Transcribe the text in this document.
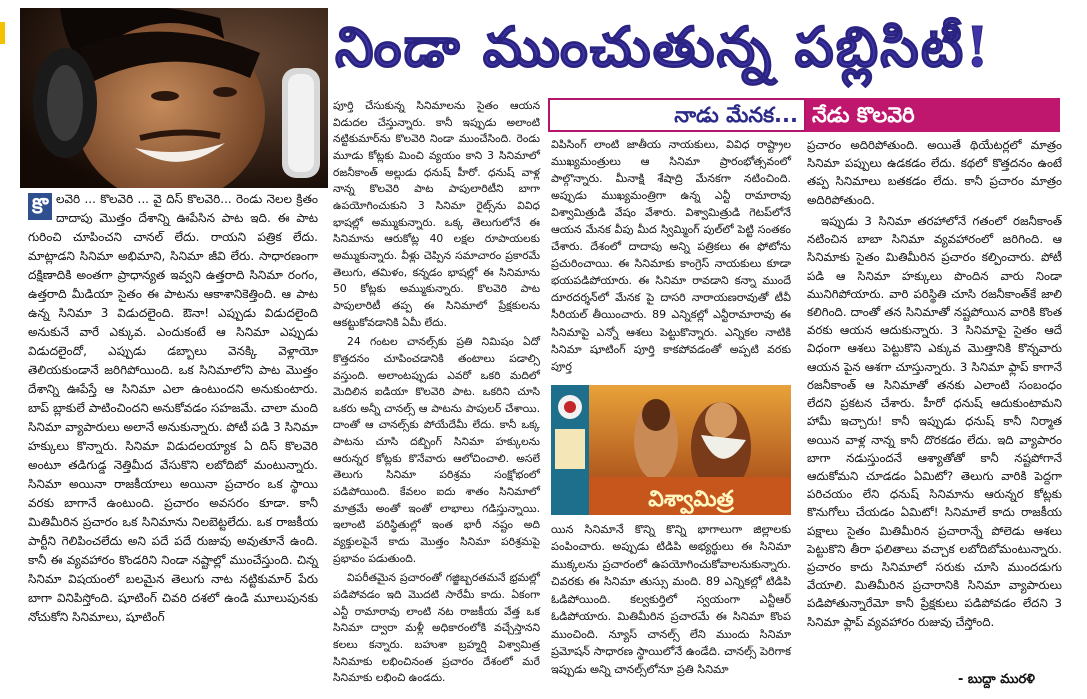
నిండా ముంచుతున్న పబ్లిసిటీ!
కొ లవెరి ... కొలవెరి ... వై దిస్ కొలవెరి... రెండు నెలల క్రితం దాదాపు మొత్తం దేశాన్ని ఊపేసిన పాట ఇది. ఈ పాట గురించి చూపించని చానల్ లేదు. రాయని పత్రిక లేదు. మాట్లాడని సినిమా అభిమాని, సినిమా జీవి లేరు. సాధారణంగా దక్షిణాదికి అంతగా ప్రాధాన్యత ఇవ్వని ఉత్తరాది సినిమా రంగం, ఉత్తరాది మీడియా సైతం ఈ పాటను ఆకాశానికెత్తింది. ఆ పాట ఉన్న సినిమా 3 విడుదలైంది. ఔనా! ఎప్పుడు విడుదలైంది అనుకునే వారే ఎక్కువ. ఎందుకంటే ఆ సినిమా ఎప్పుడు విడుదలైందో, ఎప్పుడు డబ్బాలు వెనక్కి వెళ్లాయో తెలియకుండానే జరిగిపోయింది. ఒక సినిమాలోని పాట మొత్తం దేశాన్ని ఊపేస్తే ఆ సినిమా ఎలా ఉంటుందని అనుకుంటారు. బాప్ బ్లాకులే పాటించిందని అనుకోవడం సహజమే. చాలా మంది సినిమా వ్యాపారులు అలానే అనుకున్నారు. పోటీ పడి 3 సినిమా హక్కులు కొన్నారు. సినిమా విడుదలయ్యాక ఏ దిస్ కొలవెరి అంటూ తడిగుడ్డ నెత్తిమీద వేసుకొని లబోదిబో మంటున్నారు. సినిమా అయినా రాజకీయాలు అయినా ప్రచారం ఒక స్థాయి వరకు బాగానే ఉంటుంది. ప్రచారం అవసరం కూడా. కానీ మితిమీరిన ప్రచారం ఒక సినిమాను నిలబెట్టలేదు. ఒక రాజకీయ పార్టీని గెలిపించలేదు అని పదే పదే రుజువు అవుతూనే ఉంది. కానీ ఈ వ్యవహారం కొండరిని నిండా నష్టాల్లో ముంచేస్తుంది. చిన్న సినిమా విషయంలో బలమైన తెలుగు నాట నట్టికుమార్ పేరు బాగా వినిపిస్తోంది. షూటింగ్ చివరి దశలో ఉండి మూలుపునకు నోచుకోని సినిమాలు, షూటింగ్

పూర్తి చేసుకున్న సినిమాలను సైతం ఆయన విడుదల చేస్తున్నారు. కానీ ఇప్పుడు అలాంటి నట్టికుమార్‌ను కొలవెరి నిండా ముంచేసింది. రెండు మూడు కోట్లకు మించి వ్యయం కాని 3 సినిమాలో రజనీకాంత్ అల్లుడు ధనుష్ హీరో. ధనుష్ వాళ్ల నాన్న కొలవెరి పాట పాపులారిటీని బాగా ఉపయోగించుకుని 3 సినిమా రైట్స్‌ను వివిధ భాషల్లో అమ్ముకున్నారు. ఒక్క తెలుగులోనే ఈ సినిమాను ఆరుకోట్ల 40 లక్షల రూపాయలకు అమ్ముకున్నారు. వీళ్లు చెప్పిన సమాచారం ప్రకారమే తెలుగు, తమిళం, కన్నడం భాషల్లో ఈ సినిమాను 50 కోట్లకు అమ్ముకున్నారు. కొలవెరి పాట పాపులారిటీ తప్ప ఈ సినిమాలో ప్రేక్షకులను ఆకట్టుకోవడానికి ఏమీ లేదు.

24 గంటల చానల్స్‌కు ప్రతి నిమిషం ఏదో కొత్తదనం చూపించడానికి తంటాలు పడాల్సి వస్తుంది. అలాంటప్పుడు ఎవరో ఒకరి మదిలో మెదిలిన ఐడియా కొలవెరి పాట. ఒకరిని చూసి ఒకరు అన్నీ చానల్స్ ఆ పాటను పాపులర్ చేశాయి. దాంతో ఆ చానల్స్‌కు పోయేదేమీ లేదు. కానీ ఒక్క పాటను చూసి దబ్బింగ్ సినిమా హక్కులను ఆరున్నర కోట్లకు కొనేవారు ఆలోచించాలి. అసలే తెలుగు సినిమా పరిశ్రమ సంక్షోభంలో పడిపోయింది. కేవలం ఐదు శాతం సినిమాలో మాత్రమే అంతో ఇంతో లాభాలు గడిస్తున్నాయి. ఇలాంటి పరిస్థితుల్లో ఇంత భారీ నష్టం అది వ్యక్తులపైనే కాదు మొత్తం సినిమా పరిశ్రమపై ప్రభావం పడుతుంది.

విపరీతమైన ప్రచారంతో గజ్జిబ్బరతమనే భ్రమల్లో పడిపోవడం ఇది మొదటి సారేమీ కాదు. ఏకంగా ఎన్టీ రామారావు లాంటి నట రాజకీయ వేత్త ఒక సినిమా ద్వారా మళ్లీ అధికారంలోకి వచ్చేస్తానని కలలు కన్నారు. బహుశా బ్రహ్మర్షి విశ్వామిత్ర సినిమాకు లభించినంత ప్రచారం దేశంలో మరే సినిమాకు లభించి ఉండదు.

నాడు మేనక... నేడు కొలవెరి

విపిసింగ్ లాంటి జాతీయ నాయకులు, వివిధ రాష్ట్రాల ముఖ్యమంత్రులు ఆ సినిమా ప్రారంభోత్సవంలో పాల్గొన్నారు. మీనాక్షి శేషాద్రి మేనకగా నటించింది. అప్పుడు ముఖ్యమంత్రిగా ఉన్న ఎన్టీ రామారావు విశ్వామిత్రుడి వేషం వేశారు. విశ్వామిత్రుడి గెటప్‌లోనే ఆయన మేనక వీపు మీద స్విమ్మింగ్ పుల్‌లో పెట్టి సంతకం చేశారు. దేశంలో దాదాపు అన్ని పత్రికలు ఈ ఫోటోను ప్రచురించాయి. ఈ సినిమాకు కాంగ్రెస్ నాయకులు కూడా భయపడిపోయారు. ఈ సినిమా రావడాని కన్నా ముందే దూరదర్శన్‌లో మేనక పై దాసరి నారాయణరావుతో టీవీ సీరియల్ తీయించారు. 89 ఎన్నికల్లో ఎన్టీరామారావు ఈ సినిమాపై ఎన్నో ఆశలు పెట్టుకొన్నారు. ఎన్నికల నాటికి సినిమా షూటింగ్ పూర్తి కాకపోవడంతో అప్పటి వరకు పూర్త

విశ్వామిత్ర

యిన సినిమానే కొన్ని కొన్ని భాగాలుగా జిల్లాలకు పంపించారు. అప్పుడు టిడిపి అభ్యర్థులు ఈ సినిమా ముక్కలను ప్రచారంలో ఉపయోగించుకోవాలనుకున్నారు. చివరకు ఈ సినిమా తుస్సు మంది. 89 ఎన్నికల్లో టిడిపి ఓడిపోయింది. కల్వకుర్తిలో స్వయంగా ఎన్టీఆర్ ఓడిపోయారు. మితిమీరిన ప్రచారమే ఈ సినిమా కొంప ముంచింది. న్యూస్ చానల్స్ లేని ముందు సినిమా ప్రమోషన్ సాధారణ స్థాయిలోనే ఉండేది. చానల్స్ పెరిగాక ఇప్పుడు అన్ని చానల్స్‌లోనూ ప్రతి సినిమా

ప్రచారం అదిరిపోతుంది. అయితే థియేటర్లలో మాత్రం సినిమా పప్పులు ఉడకడం లేదు. కథలో కొత్తదనం ఉంటే తప్ప సినిమాలు బతకడం లేదు. కానీ ప్రచారం మాత్రం అదిరిపోతుంది.

ఇప్పుడు 3 సినిమా తరహాలోనే గతంలో రజనీకాంత్ నటించిన బాబా సినిమా వ్యవహారంలో జరిగింది. ఆ సినిమాకు సైతం మితిమీరిన ప్రచారం కల్పించారు. పోటీ పడి ఆ సినిమా హక్కులు పొందిన వారు నిండా మునిగిపోయారు. వారి పరిస్థితి చూసి రజనీకాంత్‌కే జాలి కలిగింది. దాంతో తన సినిమాతో నష్టపోయిన వారికి కొంత వరకు ఆయన ఆదుకున్నారు. 3 సినిమాపై సైతం ఆదే విధంగా ఆశలు పెట్టుకొని ఎక్కువ మొత్తానికి కొన్నవారు ఆయన పైన ఆశగా చూస్తున్నారు. 3 సినిమా ఫ్లాప్ కాగానే రజనీకాంత్ ఆ సినిమాతో తనకు ఎలాంటి సంబంధం లేదని ప్రకటన చేశారు. హీరో ధనుష్ ఆదుకుంటామని హామీ ఇచ్చారు! కానీ ఇప్పుడు ధనుష్ కానీ నిర్మాత అయిన వాళ్ల నాన్న కానీ దొరకడం లేదు. ఇది వ్యాపారం బాగా నడుస్తుందనే ఆశ్యాతోతో కానీ నష్టపోగానే ఆదుకోమని చూడడం ఏమిటో? తెలుగు వారికి పెద్దగా పరిచయం లేని ధనుష్ సినిమాను ఆరున్నర కోట్లకు కొనుగోలు చేయడం ఏమిటో! సినిమాలే కాదు రాజకీయ పక్షాలు సైతం మితిమీరిన ప్రచారాన్నే పోలెడు ఆశలు పెట్టుకొని తీరా ఫలితాలు వచ్చాక లబోదిబోమంటున్నారు. ప్రచారం కాదు సినిమాలో సరుకు చూసి ముందడుగు వేయాలి. మితిమీరిన ప్రచారానికి సినిమా వ్యాపారులు పడిపోతున్నారేమో కానీ ప్రేక్షకులు పడిపోవడం లేదని 3 సినిమా ఫ్లాప్ వ్యవహారం రుజువు చేస్తోంది.

- బుద్దా మురళి
